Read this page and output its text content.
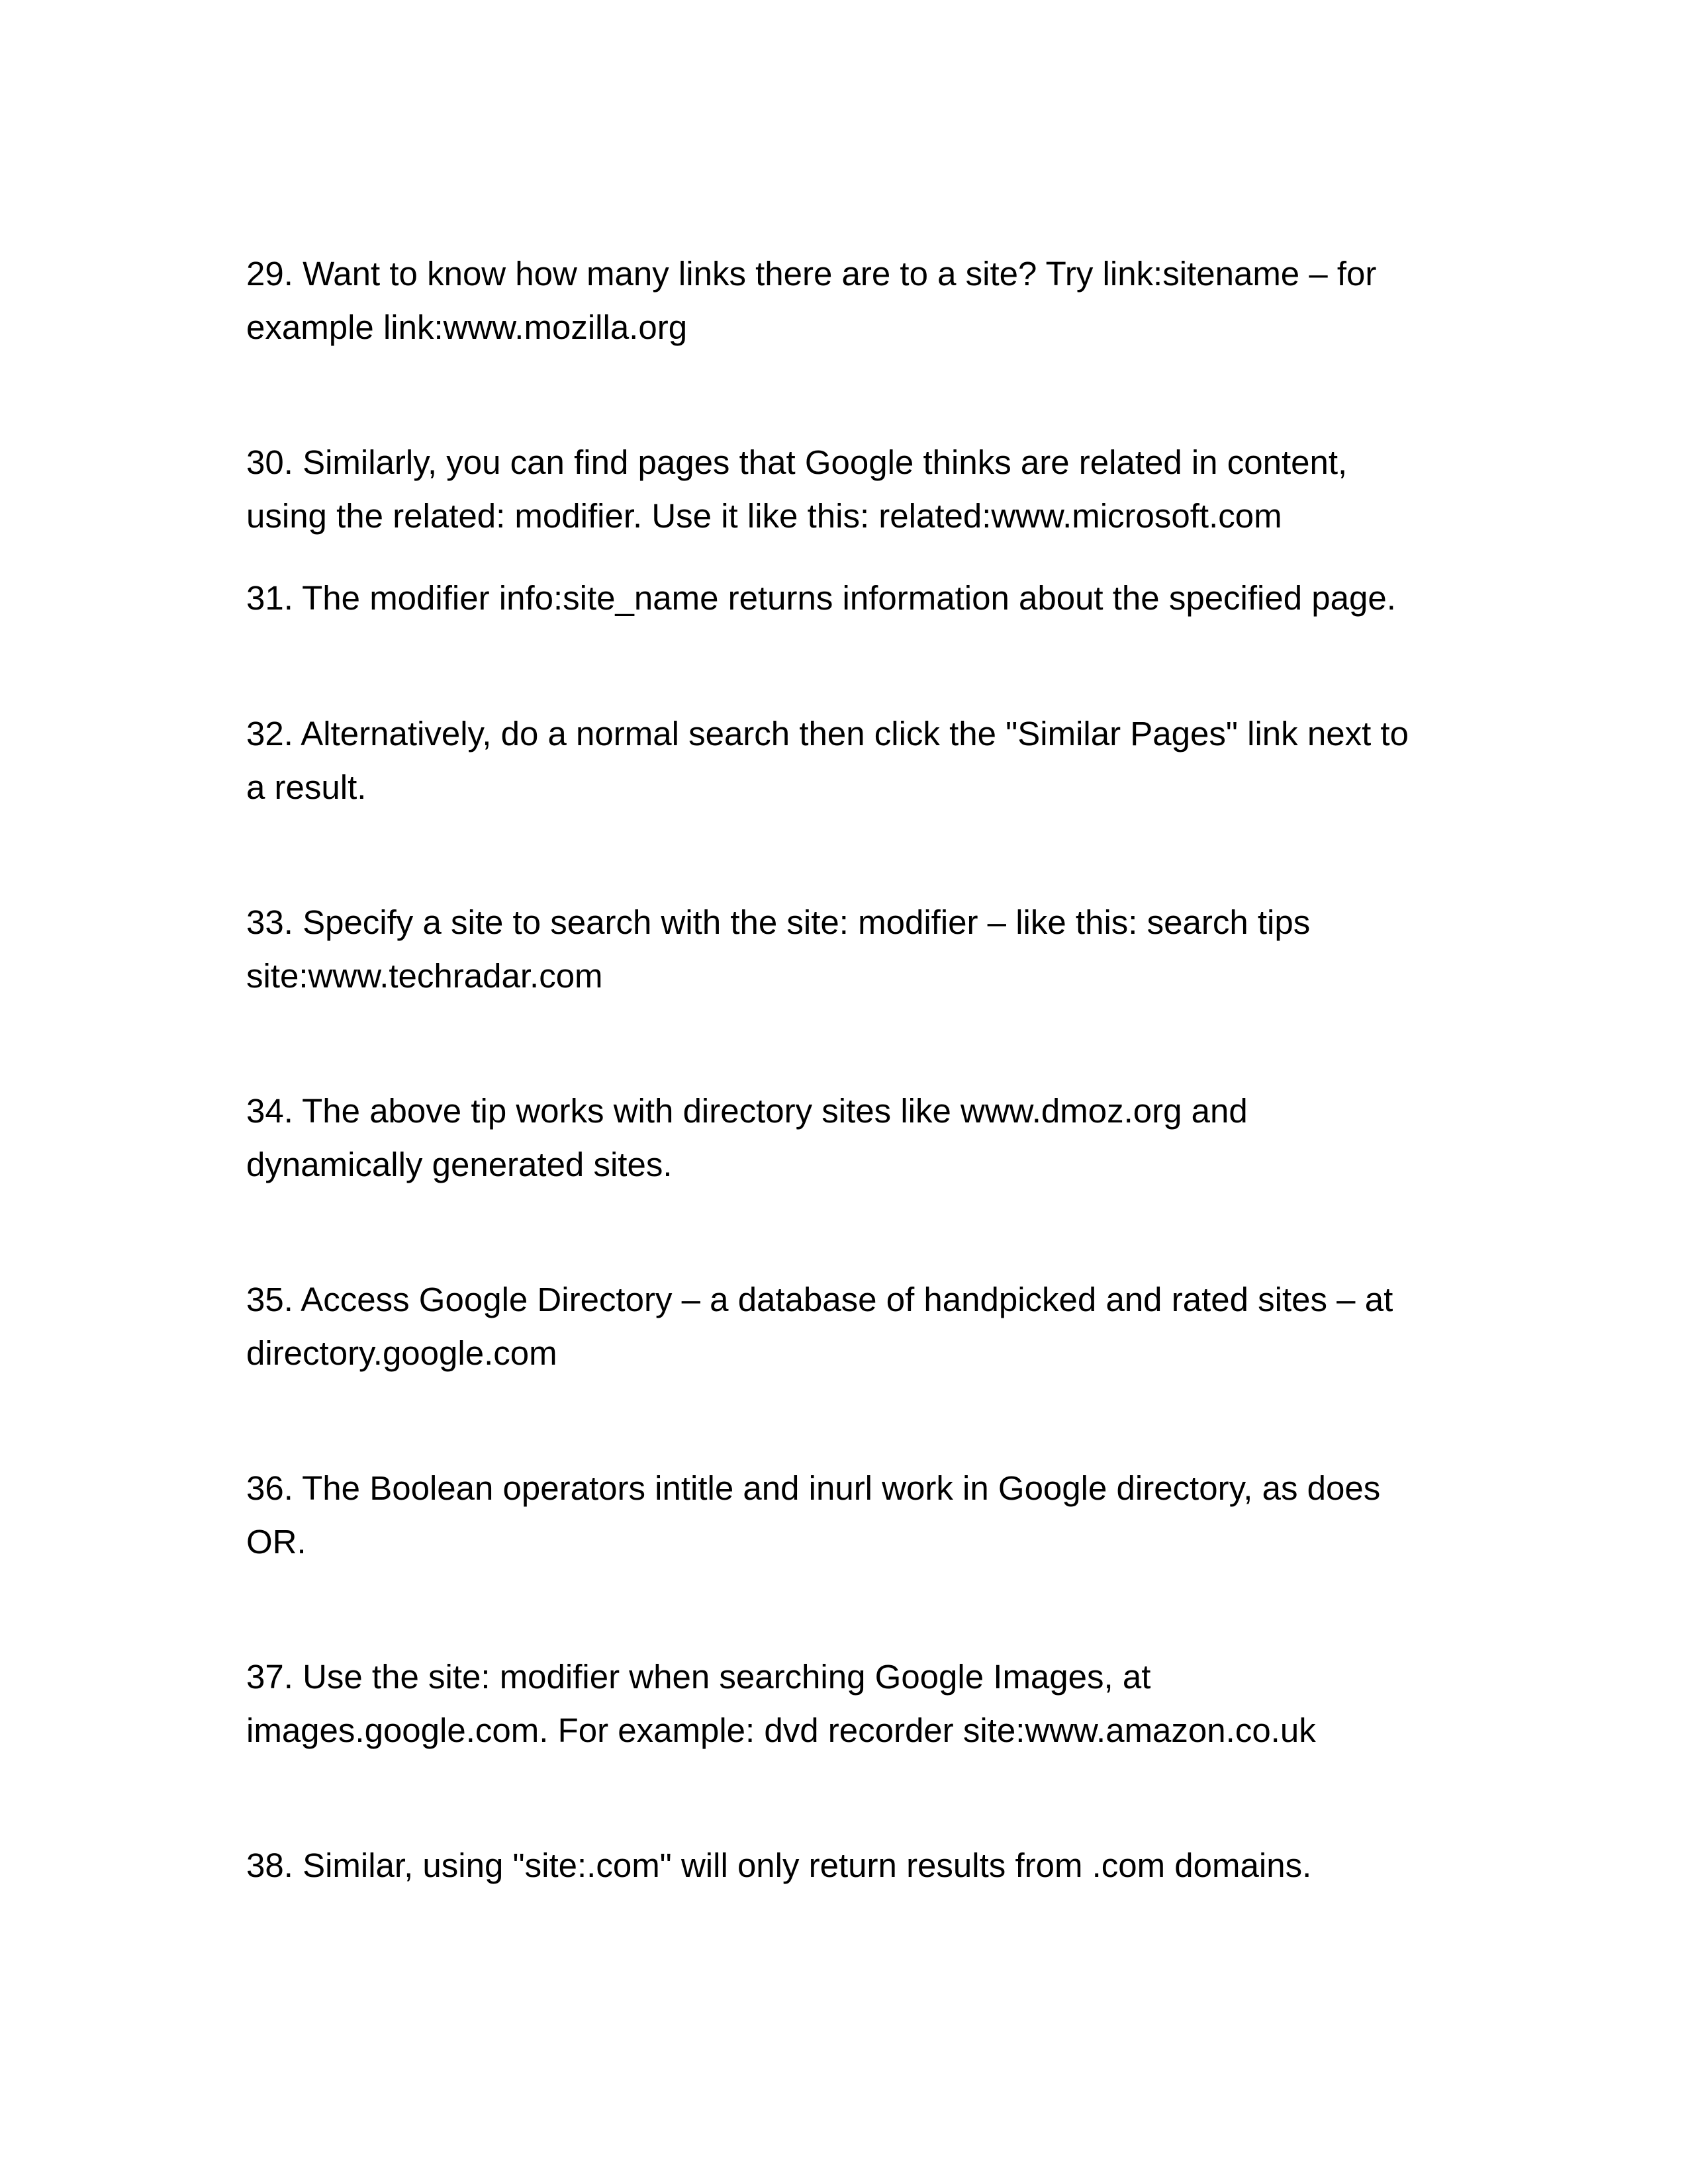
29. Want to know how many links there are to a site? Try link:sitename – for
example link:www.mozilla.org

30. Similarly, you can find pages that Google thinks are related in content,
using the related: modifier. Use it like this: related:www.microsoft.com

31. The modifier info:site_name returns information about the specified page.

32. Alternatively, do a normal search then click the "Similar Pages" link next to
a result.

33. Specify a site to search with the site: modifier – like this: search tips
site:www.techradar.com

34. The above tip works with directory sites like www.dmoz.org and
dynamically generated sites.

35. Access Google Directory – a database of handpicked and rated sites – at
directory.google.com

36. The Boolean operators intitle and inurl work in Google directory, as does
OR.

37. Use the site: modifier when searching Google Images, at
images.google.com. For example: dvd recorder site:www.amazon.co.uk

38. Similar, using "site:.com" will only return results from .com domains.
